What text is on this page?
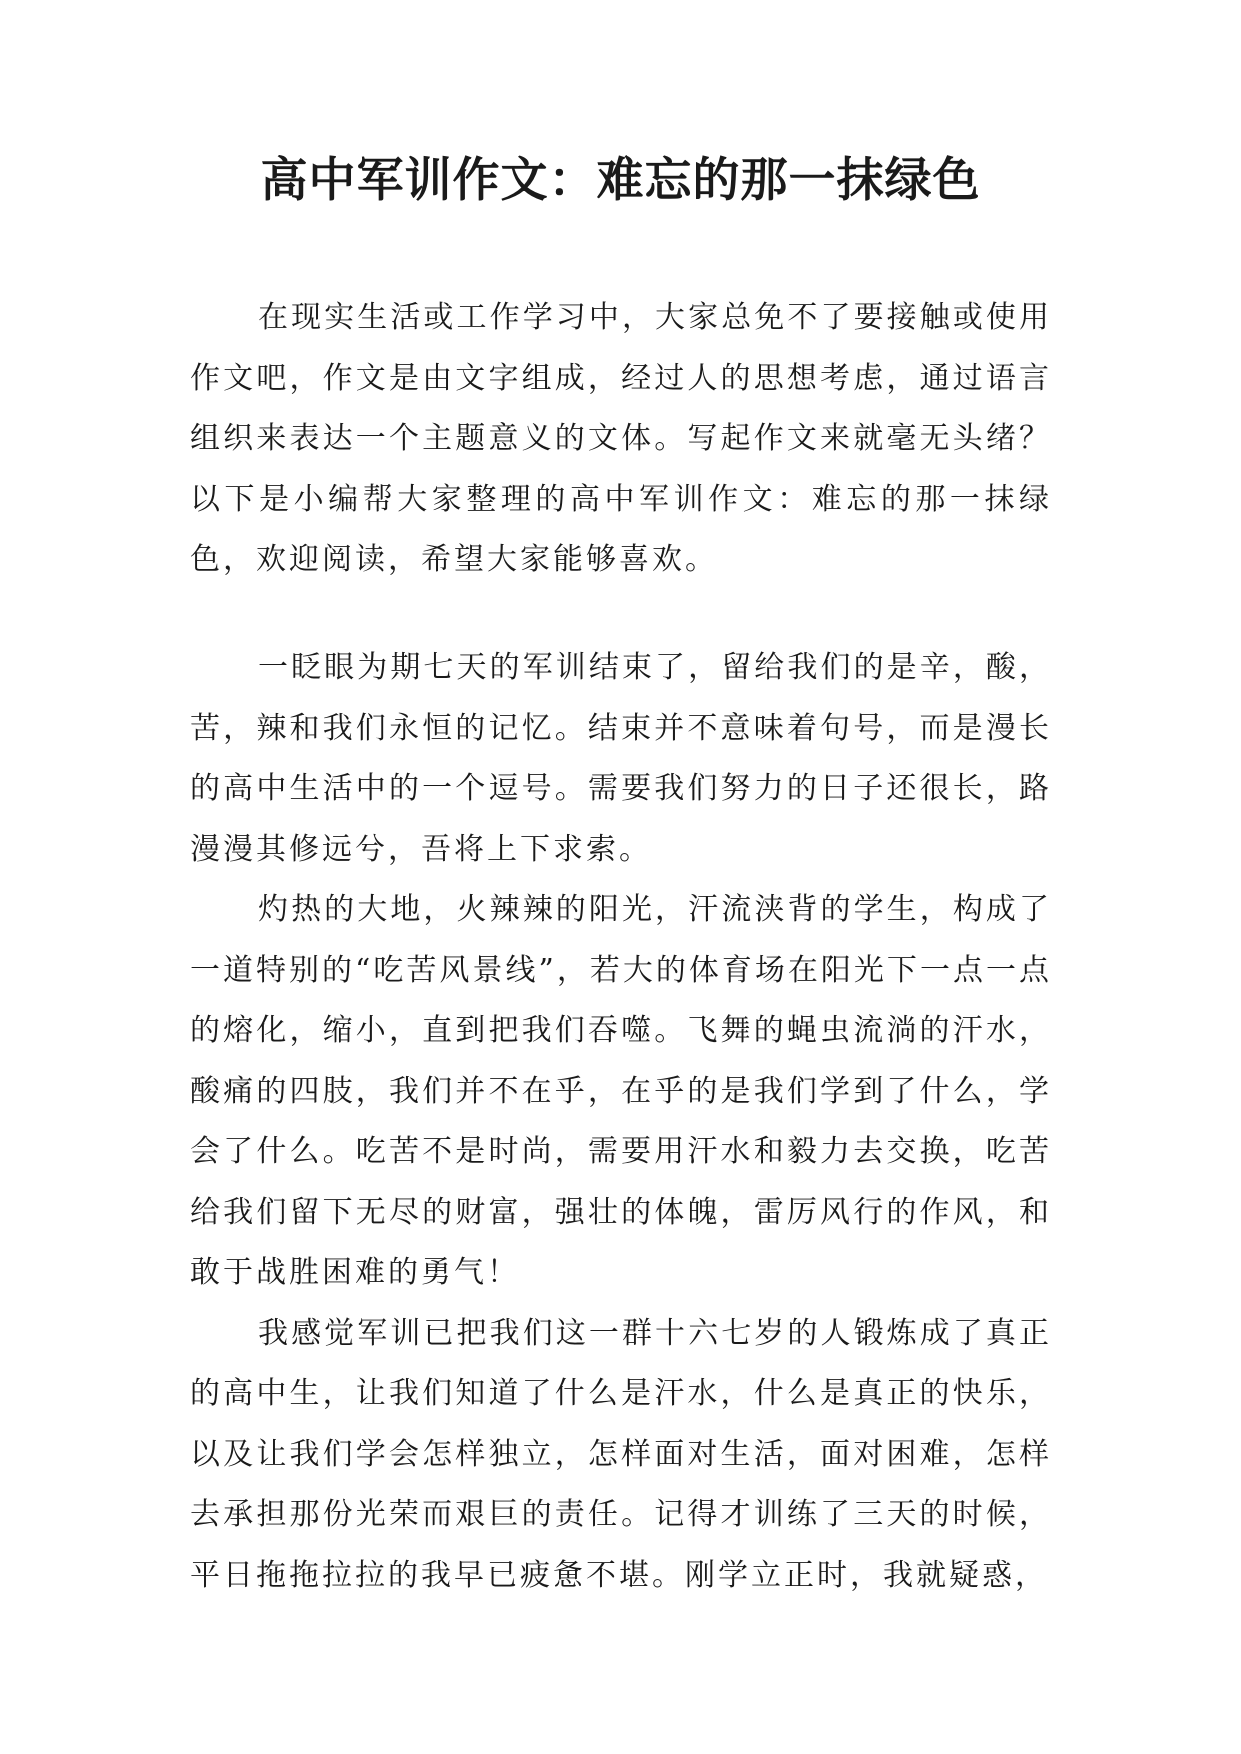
高中军训作文：难忘的那一抹绿色

在现实生活或工作学习中，大家总免不了要接触或使用作文吧，作文是由文字组成，经过人的思想考虑，通过语言组织来表达一个主题意义的文体。写起作文来就毫无头绪？以下是小编帮大家整理的高中军训作文：难忘的那一抹绿色，欢迎阅读，希望大家能够喜欢。

一眨眼为期七天的军训结束了，留给我们的是辛，酸，苦，辣和我们永恒的记忆。结束并不意味着句号，而是漫长的高中生活中的一个逗号。需要我们努力的日子还很长，路漫漫其修远兮，吾将上下求索。

灼热的大地，火辣辣的阳光，汗流浃背的学生，构成了一道特别的“吃苦风景线”，若大的体育场在阳光下一点一点的熔化，缩小，直到把我们吞噬。飞舞的蝇虫流淌的汗水，酸痛的四肢，我们并不在乎，在乎的是我们学到了什么，学会了什么。吃苦不是时尚，需要用汗水和毅力去交换，吃苦给我们留下无尽的财富，强壮的体魄，雷厉风行的作风，和敢于战胜困难的勇气！

我感觉军训已把我们这一群十六七岁的人锻炼成了真正的高中生，让我们知道了什么是汗水，什么是真正的快乐，以及让我们学会怎样独立，怎样面对生活，面对困难，怎样去承担那份光荣而艰巨的责任。记得才训练了三天的时候，平日拖拖拉拉的我早已疲惫不堪。刚学立正时，我就疑惑，
